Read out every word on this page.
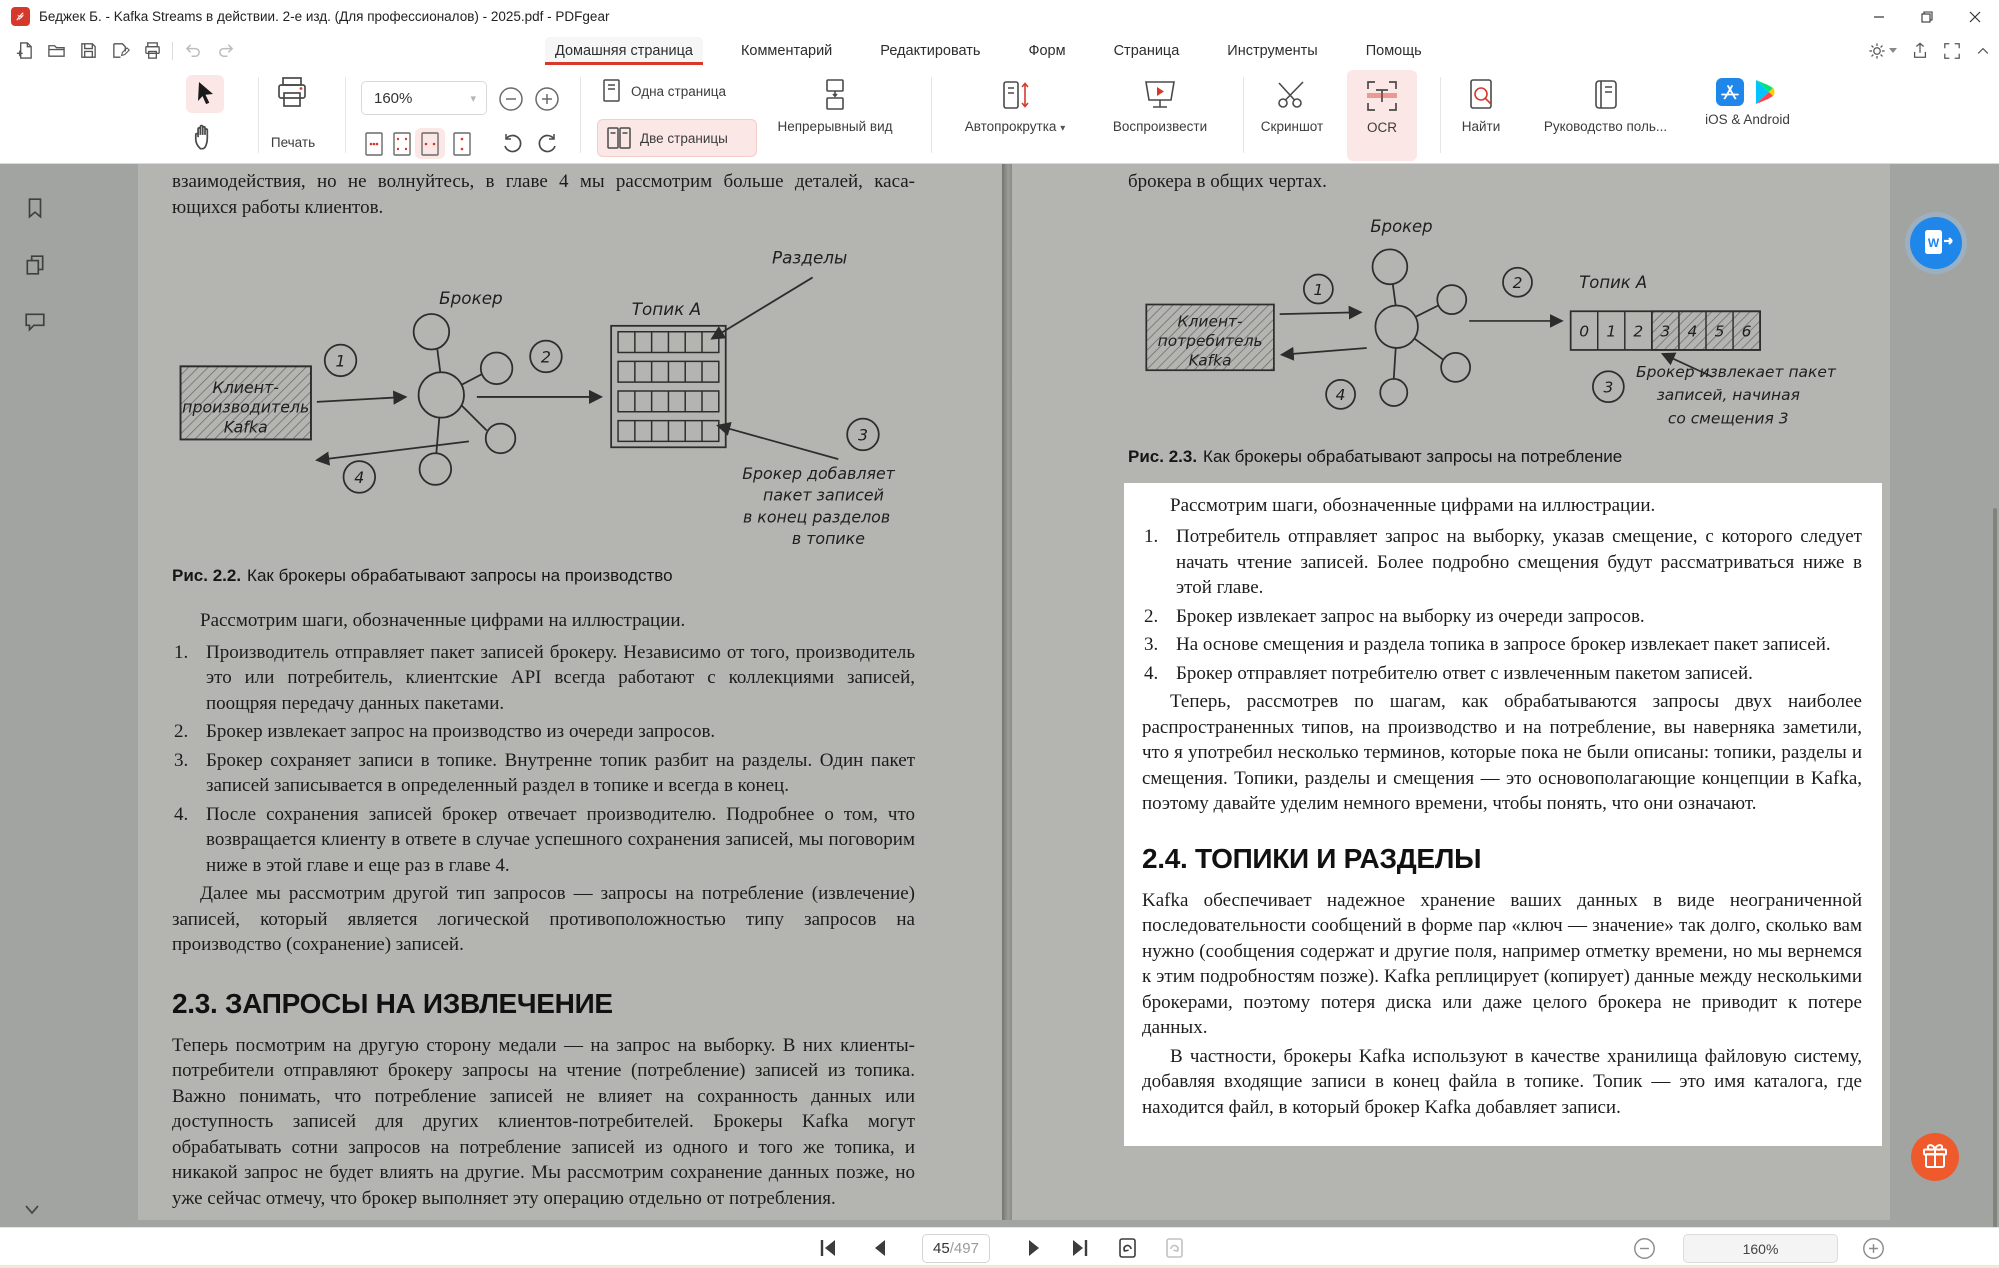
Беджек Б. - Kafka Streams в действии. 2-е изд. (Для профессионалов) - 2025.pdf - PDFgear
Домашняя страница	Комментарий	Редактировать	Форм	Страница	Инструменты	Помощь
Печать
160%	▾	Одна страница
Две страницы
Непрерывный вид	Автопрокрутка ▾	Воспроизвести	Скриншот	OCR	Найти	Руководство поль...	iOS & Android
взаимодействия, но не волнуйтесь, в главе 4 мы рассмотрим больше деталей, каса-
ющихся работы клиентов.
Клиент-
производитель
Kafka
Брокер
Топик А
Разделы
1	2
3
4	Брокер добавляет
пакет записей
в конец разделов
в топике
Рис. 2.2. Как брокеры обрабатывают запросы на производство
Рассмотрим шаги, обозначенные цифрами на иллюстрации.
1. Производитель отправляет пакет записей брокеру. Независимо от того, производитель это или потребитель, клиентские API всегда работают с коллекциями записей, поощряя передачу данных пакетами.
2. Брокер извлекает запрос на производство из очереди запросов.
3. Брокер сохраняет записи в топике. Внутренне топик разбит на разделы. Один пакет записей записывается в определенный раздел в топике и всегда в конец.
4. После сохранения записей брокер отвечает производителю. Подробнее о том, что возвращается клиенту в ответе в случае успешного сохранения записей, мы поговорим ниже в этой главе и еще раз в главе 4.
Далее мы рассмотрим другой тип запросов — запросы на потребление (извлечение) записей, который является логической противоположностью типу запросов на производство (сохранение) записей.
2.3. ЗАПРОСЫ НА ИЗВЛЕЧЕНИЕ
Теперь посмотрим на другую сторону медали — на запрос на выборку. В них клиенты-потребители отправляют брокеру запросы на чтение (потребление) записей из топика. Важно понимать, что потребление записей не влияет на сохранность данных или доступность записей для других клиентов-потребителей. Брокеры Kafka могут обрабатывать сотни запросов на потребление записей из одного и того же топика, и никакой запрос не будет влиять на другие. Мы рассмотрим сохранение данных позже, но уже сейчас отмечу, что брокер выполняет эту операцию отдельно от потребления.
брокера в общих чертах.
Клиент-
потребитель
Kafka
Брокер
Топик А
0 1 2 3 4 5 6
1	2
3
4
Брокер извлекает пакет
записей, начиная
со смещения 3
Рис. 2.3. Как брокеры обрабатывают запросы на потребление
Рассмотрим шаги, обозначенные цифрами на иллюстрации.
1. Потребитель отправляет запрос на выборку, указав смещение, с которого следует начать чтение записей. Более подробно смещения будут рассматриваться ниже в этой главе.
2. Брокер извлекает запрос на выборку из очереди запросов.
3. На основе смещения и раздела топика в запросе брокер извлекает пакет записей.
4. Брокер отправляет потребителю ответ с извлеченным пакетом записей.
Теперь, рассмотрев по шагам, как обрабатываются запросы двух наиболее распространенных типов, на производство и на потребление, вы наверняка заметили, что я употребил несколько терминов, которые пока не были описаны: топики, разделы и смещения. Топики, разделы и смещения — это основополагающие концепции в Kafka, поэтому давайте уделим немного времени, чтобы понять, что они означают.
2.4. ТОПИКИ И РАЗДЕЛЫ
Kafka обеспечивает надежное хранение ваших данных в виде неограниченной последовательности сообщений в форме пар «ключ — значение» так долго, сколько вам нужно (сообщения содержат и другие поля, например отметку времени, но мы вернемся к этим подробностям позже). Kafka реплицирует (копирует) данные между несколькими брокерами, поэтому потеря диска или даже целого брокера не приводит к потере данных.
В частности, брокеры Kafka используют в качестве хранилища файловую систему, добавляя входящие записи в конец файла в топике. Топик — это имя каталога, где находится файл, в который брокер Kafka добавляет записи.
W
45 /497	160%
